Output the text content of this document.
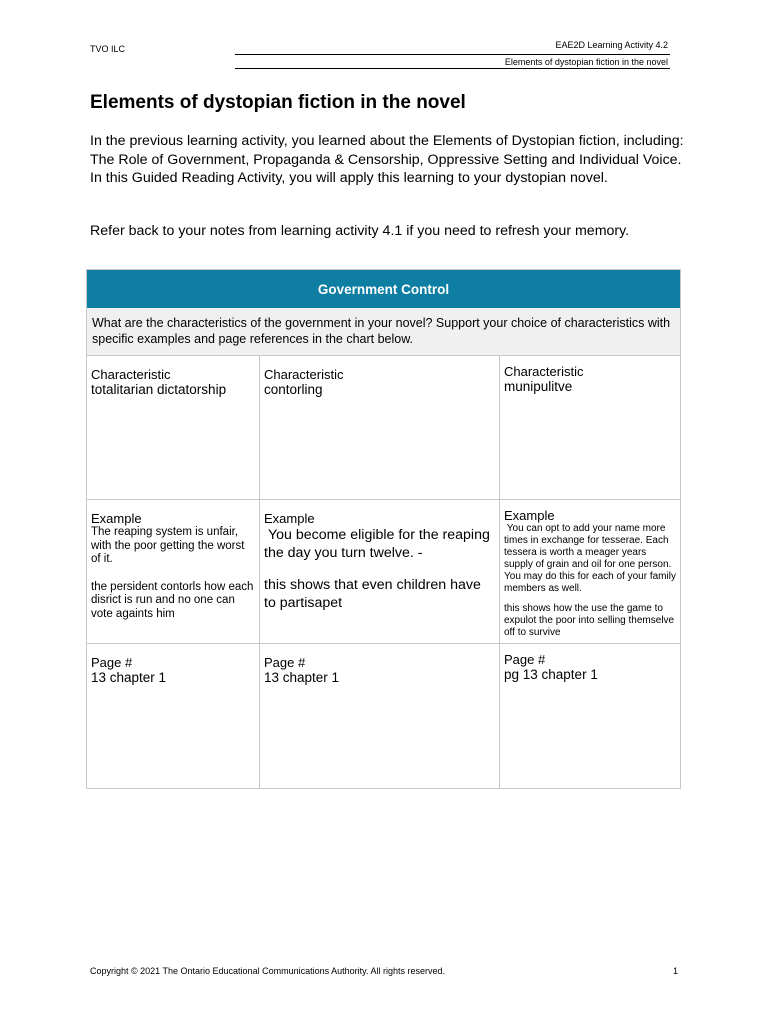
TVO ILC	EAE2D Learning Activity 4.2
Elements of dystopian fiction in the novel
Elements of dystopian fiction in the novel

In the previous learning activity, you learned about the Elements of Dystopian fiction, including: The Role of Government, Propaganda & Censorship, Oppressive Setting and Individual Voice. In this Guided Reading Activity, you will apply this learning to your dystopian novel.

Refer back to your notes from learning activity 4.1 if you need to refresh your memory.

Government Control
What are the characteristics of the government in your novel? Support your choice of characteristics with specific examples and page references in the chart below.
Characteristic
totalitarian dictatorship
Characteristic
contorling
Characteristic
munipulitve
Example
The reaping system is unfair, with the poor getting the worst of it.
the persident contorls how each disrict is run and no one can vote againts him
Example
You become eligible for the reaping the day you turn twelve. -
this shows that even children have to partisapet
Example
You can opt to add your name more times in exchange for tesserae. Each tessera is worth a meager years supply of grain and oil for one person. You may do this for each of your family members as well.
this shows how the use the game to expulot the poor into selling themselve off to survive
Page #
13 chapter 1
Page #
13 chapter 1
Page #
pg 13 chapter 1
Copyright © 2021 The Ontario Educational Communications Authority. All rights reserved.	1
